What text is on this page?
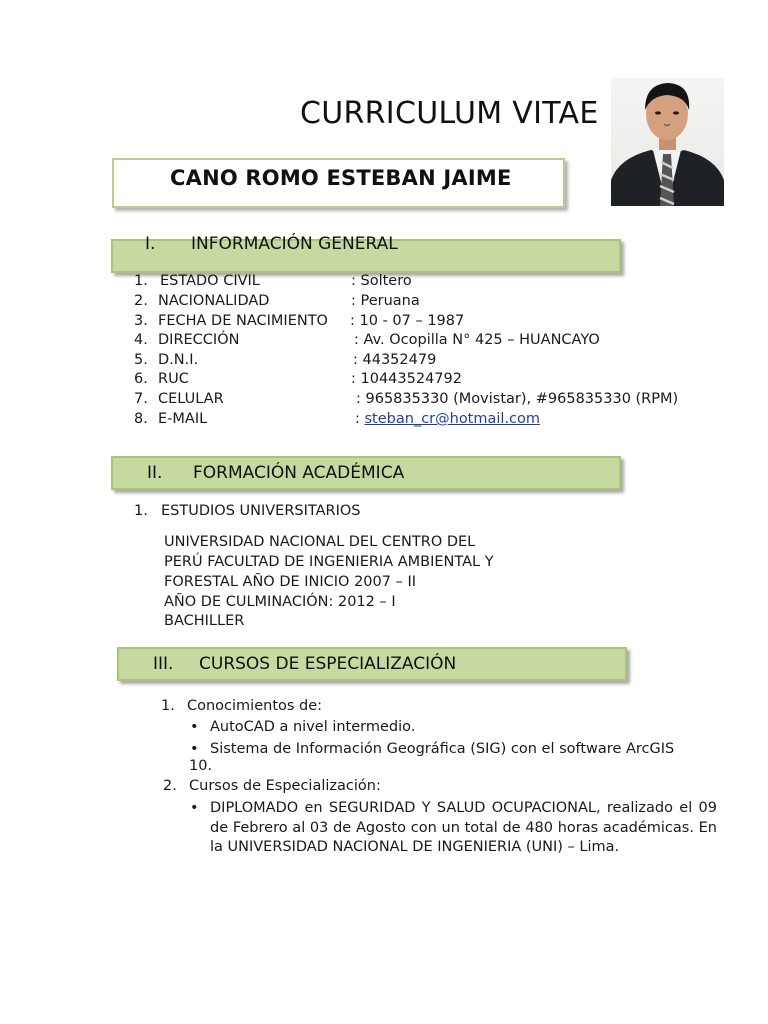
CURRICULUM VITAE
CANO ROMO ESTEBAN JAIME
I. INFORMACIÓN GENERAL
1. ESTADO CIVIL	: Soltero
2. NACIONALIDAD	: Peruana
3. FECHA DE NACIMIENTO : 10 - 07 – 1987
4. DIRECCIÓN	: Av. Ocopilla N° 425 – HUANCAYO
5. D.N.I.	: 44352479
6. RUC	: 10443524792
7. CELULAR	: 965835330 (Movistar), #965835330 (RPM)
8. E-MAIL	: steban_cr@hotmail.com
II. FORMACIÓN ACADÉMICA
1. ESTUDIOS UNIVERSITARIOS
UNIVERSIDAD NACIONAL DEL CENTRO DEL
PERÚ FACULTAD DE INGENIERIA AMBIENTAL Y
FORESTAL AÑO DE INICIO 2007 – II
AÑO DE CULMINACIÓN: 2012 – I
BACHILLER
III. CURSOS DE ESPECIALIZACIÓN
1. Conocimientos de:
• AutoCAD a nivel intermedio.
• Sistema de Información Geográfica (SIG) con el software ArcGIS
10.
2. Cursos de Especialización:
• DIPLOMADO en SEGURIDAD Y SALUD OCUPACIONAL, realizado el 09 de Febrero al 03 de Agosto con un total de 480 horas académicas. En la UNIVERSIDAD NACIONAL DE INGENIERIA (UNI) – Lima.
